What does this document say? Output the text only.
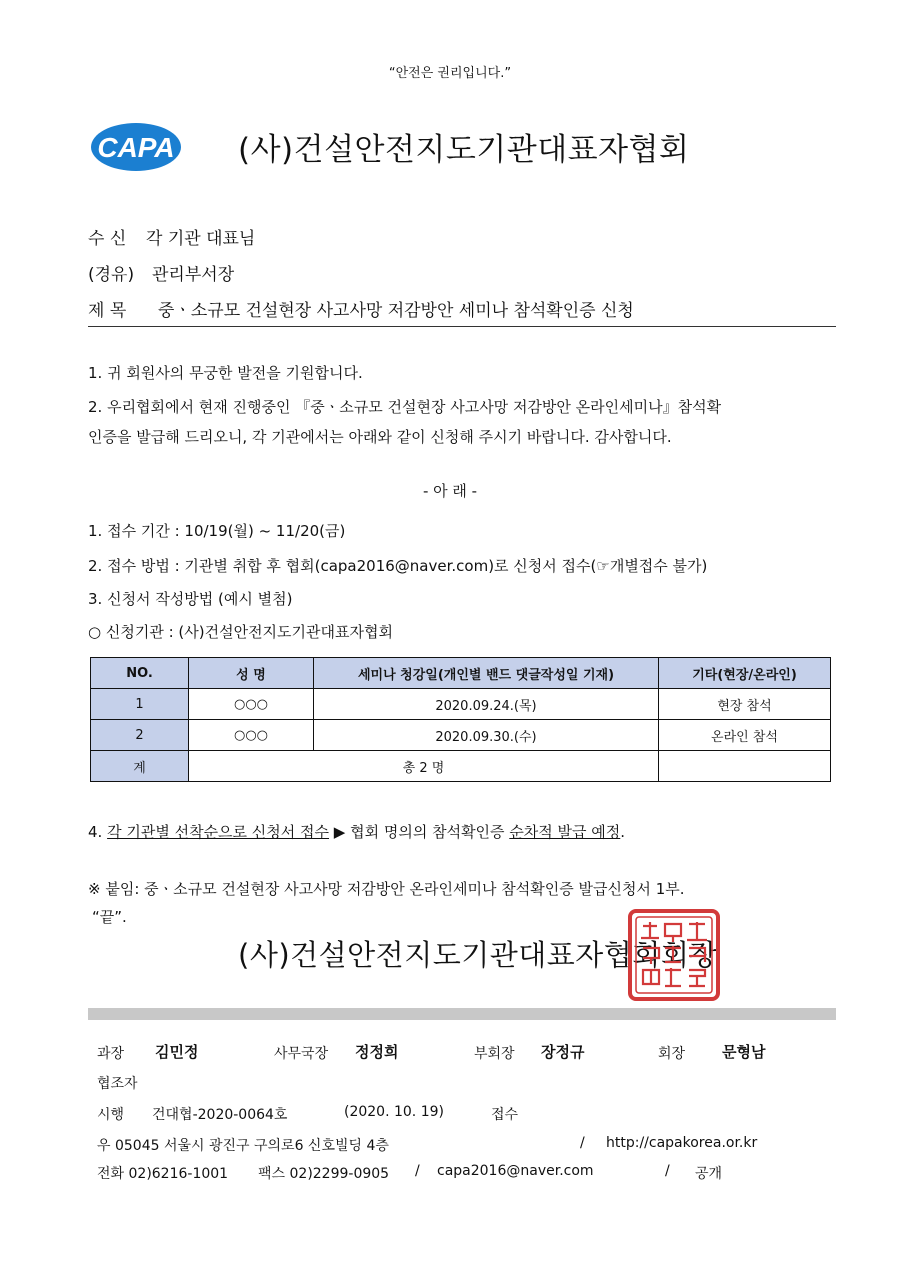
“안전은 권리입니다.”
CAPA (사)건설안전지도기관대표자협회
수 신 각 기관 대표님
(경유) 관리부서장
제 목 중ㆍ소규모 건설현장 사고사망 저감방안 세미나 참석확인증 신청
1. 귀 회원사의 무궁한 발전을 기원합니다.
2. 우리협회에서 현재 진행중인 『중ㆍ소규모 건설현장 사고사망 저감방안 온라인세미나』참석확
인증을 발급해 드리오니, 각 기관에서는 아래와 같이 신청해 주시기 바랍니다. 감사합니다.
- 아 래 -
1. 접수 기간 : 10/19(월) ~ 11/20(금)
2. 접수 방법 : 기관별 취합 후 협회(capa2016@naver.com)로 신청서 접수(☞개별접수 불가)
3. 신청서 작성방법 (예시 별첨)
○ 신청기관 : (사)건설안전지도기관대표자협회
NO.	성 명	세미나 청강일(개인별 밴드 댓글작성일 기재)	기타(현장/온라인)
1	○○○	2020.09.24.(목)	현장 참석
2	○○○	2020.09.30.(수)	온라인 참석
계	총 2 명		
4. 각 기관별 선착순으로 신청서 접수 ▶ 협회 명의의 참석확인증 순차적 발급 예정.
※ 붙임: 중ㆍ소규모 건설현장 사고사망 저감방안 온라인세미나 참석확인증 발급신청서 1부.
“끝”.
(사)건설안전지도기관대표자협회회장
과장 김민정	사무국장 정정희	부회장 장정규	회장 문형남
협조자
시행 건대협-2020-0064호	(2020. 10. 19)	접수
우 05045 서울시 광진구 구의로6 신호빌딩 4층	/ http://capakorea.or.kr
전화 02)6216-1001 팩스 02)2299-0905 / capa2016@naver.com	/ 공개
